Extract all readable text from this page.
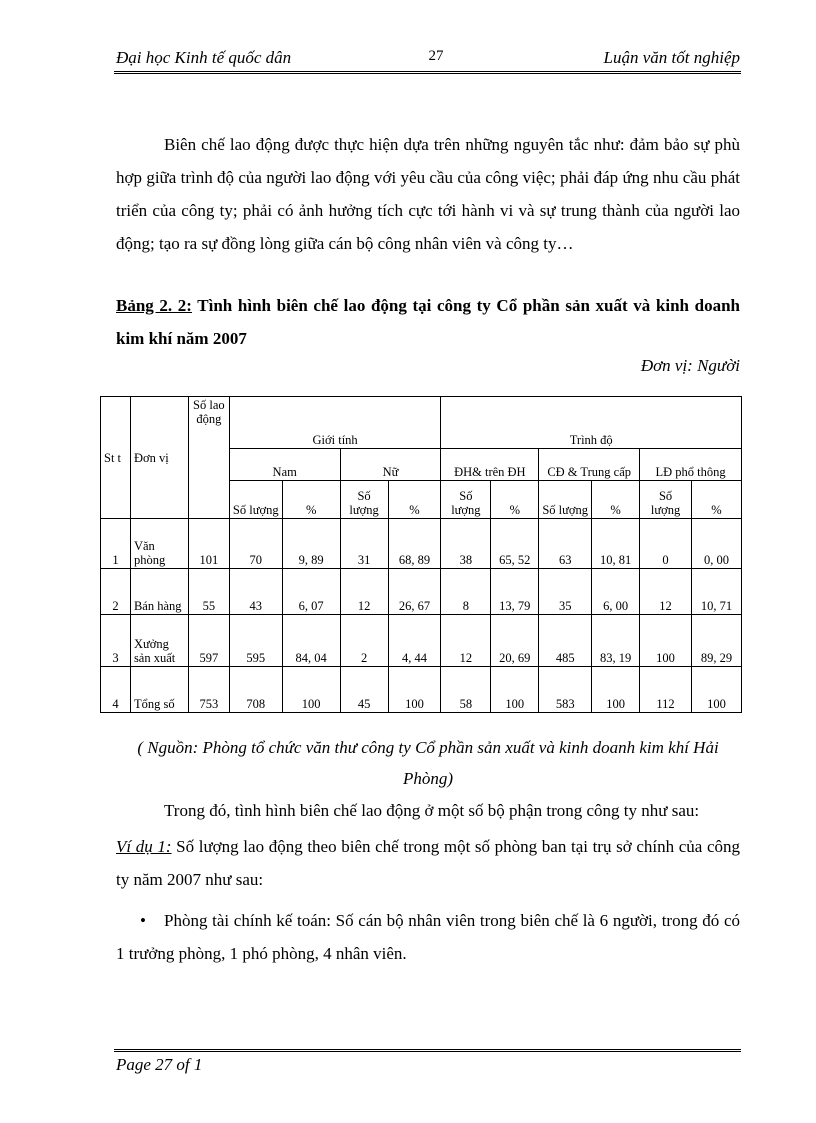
Đại học Kinh tế quốc dân	27	Luận văn tốt nghiệp
Biên chế lao động được thực hiện dựa trên những nguyên tắc như: đảm bảo sự phù hợp giữa trình độ của người lao động với yêu cầu của công việc; phải đáp ứng nhu cầu phát triển của công ty; phải có ảnh hưởng tích cực tới hành vi và sự trung thành của người lao động; tạo ra sự đồng lòng giữa cán bộ công nhân viên và công ty…
Bảng 2. 2: Tình hình biên chế lao động tại công ty Cổ phần sản xuất và kinh doanh kim khí năm 2007
Đơn vị: Người
St t	Đơn vị	Số lao động	Giới tính				Trình độ					
			Nam		Nữ		ĐH& trên ĐH		CĐ & Trung cấp		LĐ phổ thông	
			Số lượng	%	Số lượng	%	Số lượng	%	Số lượng	%	Số lượng	%
1	Văn phòng	101	70	9, 89	31	68, 89	38	65, 52	63	10, 81	0	0, 00
2	Bán hàng	55	43	6, 07	12	26, 67	8	13, 79	35	6, 00	12	10, 71
3	Xưởng sản xuất	597	595	84, 04	2	4, 44	12	20, 69	485	83, 19	100	89, 29
4	Tổng số	753	708	100	45	100	58	100	583	100	112	100
( Nguồn: Phòng tổ chức văn thư công ty Cổ phần sản xuất và kinh doanh kim khí Hải Phòng)
Trong đó, tình hình biên chế lao động ở một số bộ phận trong công ty như sau:
Ví dụ 1: Số lượng lao động theo biên chế trong một số phòng ban tại trụ sở chính của công ty năm 2007 như sau:
• Phòng tài chính kế toán: Số cán bộ nhân viên trong biên chế là 6 người, trong đó có 1 trưởng phòng, 1 phó phòng, 4 nhân viên.
Page 27 of 1
